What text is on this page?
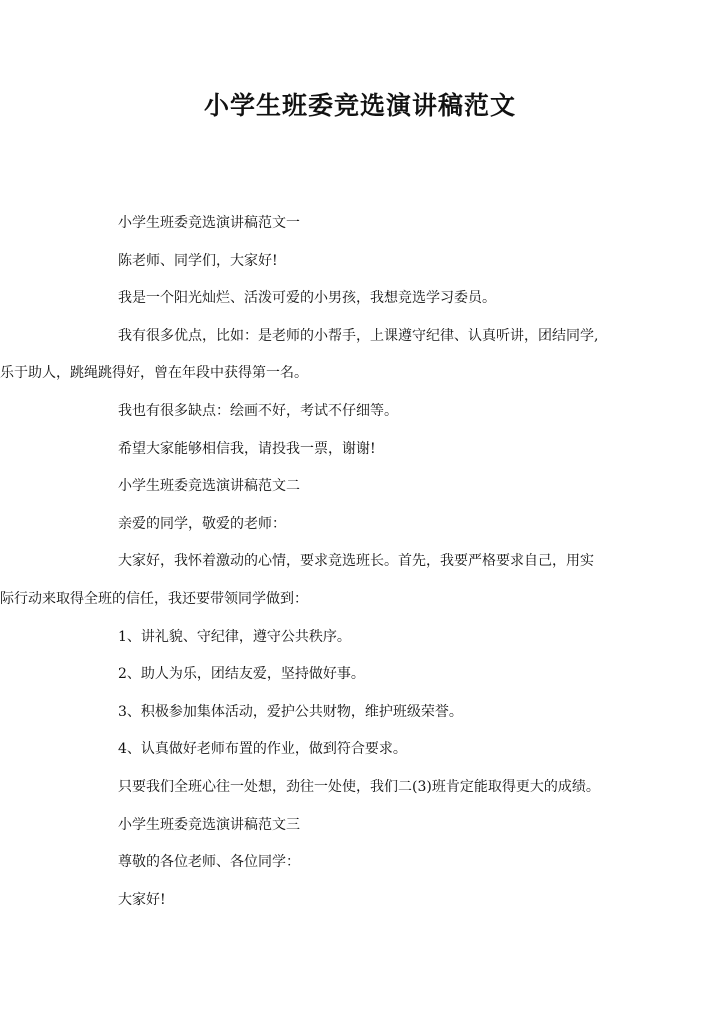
小学生班委竞选演讲稿范文

小学生班委竞选演讲稿范文一

陈老师、同学们，大家好!

我是一个阳光灿烂、活泼可爱的小男孩，我想竞选学习委员。

我有很多优点，比如：是老师的小帮手，上课遵守纪律、认真听讲，团结同学,

乐于助人，跳绳跳得好，曾在年段中获得第一名。

我也有很多缺点：绘画不好，考试不仔细等。

希望大家能够相信我，请投我一票，谢谢!

小学生班委竞选演讲稿范文二

亲爱的同学，敬爱的老师：

大家好，我怀着激动的心情，要求竞选班长。首先，我要严格要求自己，用实

际行动来取得全班的信任，我还要带领同学做到：

1、讲礼貌、守纪律，遵守公共秩序。

2、助人为乐，团结友爱，坚持做好事。

3、积极参加集体活动，爱护公共财物，维护班级荣誉。

4、认真做好老师布置的作业，做到符合要求。

只要我们全班心往一处想，劲往一处使，我们二(3)班肯定能取得更大的成绩。

小学生班委竞选演讲稿范文三

尊敬的各位老师、各位同学：

大家好!
